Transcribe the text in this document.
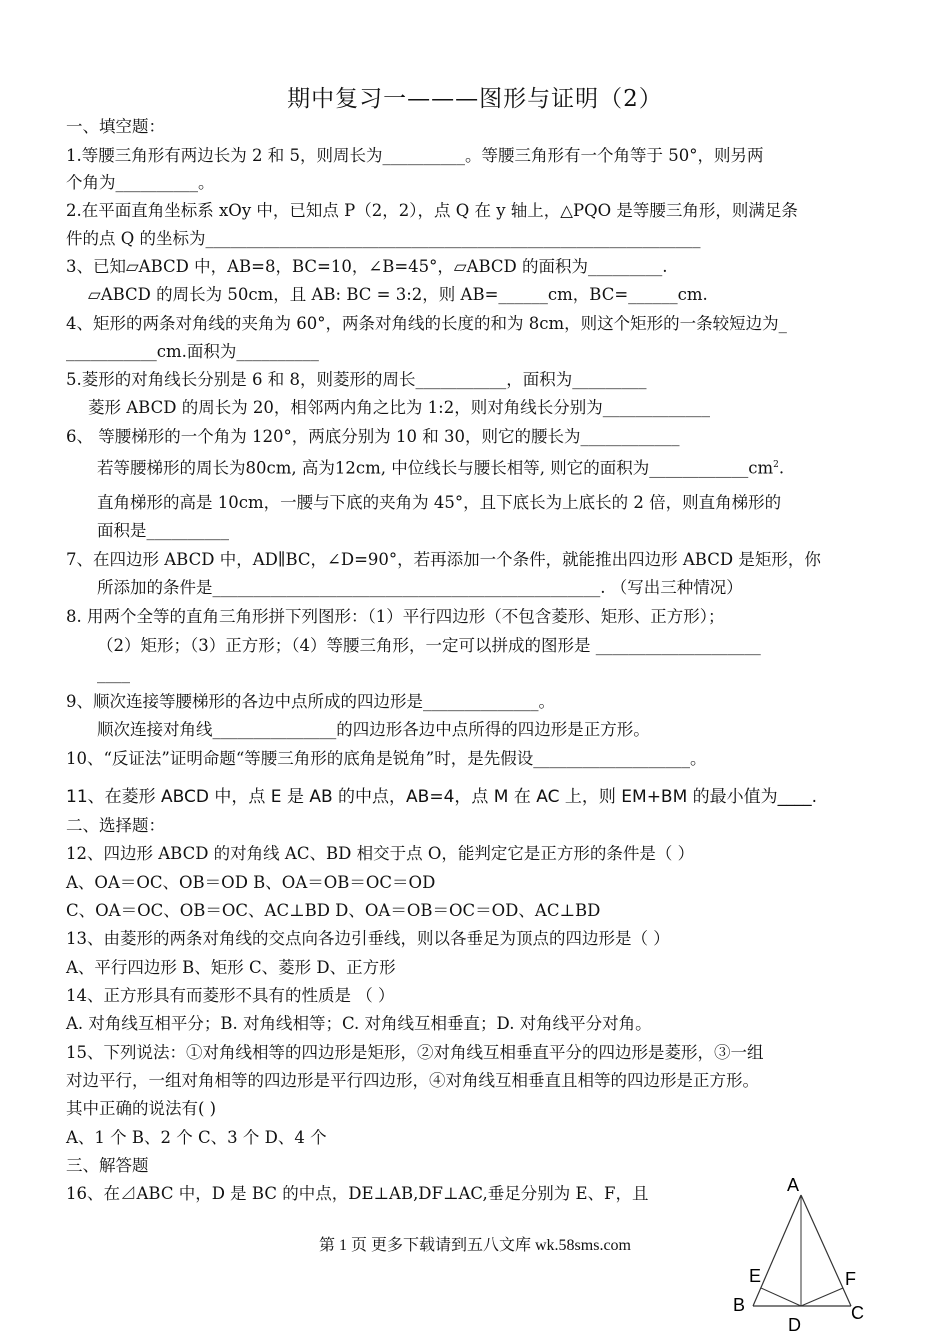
期中复习一———图形与证明（2）
一、填空题：
1.等腰三角形有两边长为 2 和 5，则周长为__________。等腰三角形有一个角等于 50°，则另两
个角为__________。
2.在平面直角坐标系 xOy 中，已知点 P（2，2），点 Q 在 y 轴上，△PQO 是等腰三角形，则满足条
件的点 Q 的坐标为____________________________________________________________
3、已知▱ABCD 中，AB=8，BC=10，∠B=45°，▱ABCD 的面积为_________.
▱ABCD 的周长为 50cm，且 AB: BC = 3:2，则 AB=______cm，BC=______cm.
4、矩形的两条对角线的夹角为 60°，两条对角线的长度的和为 8cm，则这个矩形的一条较短边为_
___________cm.面积为__________
5.菱形的对角线长分别是 6 和 8，则菱形的周长___________，面积为_________
菱形 ABCD 的周长为 20，相邻两内角之比为 1:2，则对角线长分别为_____________
6、 等腰梯形的一个角为 120°，两底分别为 10 和 30，则它的腰长为____________
若等腰梯形的周长为80cm, 高为12cm, 中位线长与腰长相等, 则它的面积为$\_\_\_\_\_\_\_\_\_\_\_\_cm^2$.
直角梯形的高是 10cm，一腰与下底的夹角为 45°，且下底长为上底长的 2 倍，则直角梯形的
面积是__________
7、在四边形 ABCD 中，AD∥BC，∠D=90°，若再添加一个条件，就能推出四边形 ABCD 是矩形，你
所添加的条件是_______________________________________________. （写出三种情况）
8. 用两个全等的直角三角形拼下列图形：（1）平行四边形（不包含菱形、矩形、正方形）；
（2）矩形；（3）正方形；（4）等腰三角形，一定可以拼成的图形是 ____________________
____
9、顺次连接等腰梯形的各边中点所成的四边形是______________。
顺次连接对角线_______________的四边形各边中点所得的四边形是正方形。
10、“反证法”证明命题“等腰三角形的底角是锐角”时，是先假设___________________。
11、在菱形 ABCD 中，点 E 是 AB 的中点，AB=4，点 M 在 AC 上，则 EM+BM 的最小值为____.
二、选择题：
12、四边形 ABCD 的对角线 AC、BD 相交于点 O，能判定它是正方形的条件是（ ）
A、OA＝OC、OB＝OD B、OA＝OB＝OC＝OD
C、OA＝OC、OB＝OC、AC⊥BD D、OA＝OB＝OC＝OD、AC⊥BD
13、由菱形的两条对角线的交点向各边引垂线，则以各垂足为顶点的四边形是（ ）
A、平行四边形 B、矩形 C、菱形 D、正方形
14、正方形具有而菱形不具有的性质是 （ ）
A. 对角线互相平分；B. 对角线相等；C. 对角线互相垂直；D. 对角线平分对角。
15、下列说法：①对角线相等的四边形是矩形，②对角线互相垂直平分的四边形是菱形，③一组
对边平行，一组对角相等的四边形是平行四边形，④对角线互相垂直且相等的四边形是正方形。
其中正确的说法有( )
A、1 个 B、2 个 C、3 个 D、4 个
三、解答题
16、在⊿ABC 中，D 是 BC 的中点，DE⊥AB,DF⊥AC,垂足分别为 E、F，且
第 1 页 更多下载请到五八文库 wk.58sms.com
A
B	C
D
E	F
